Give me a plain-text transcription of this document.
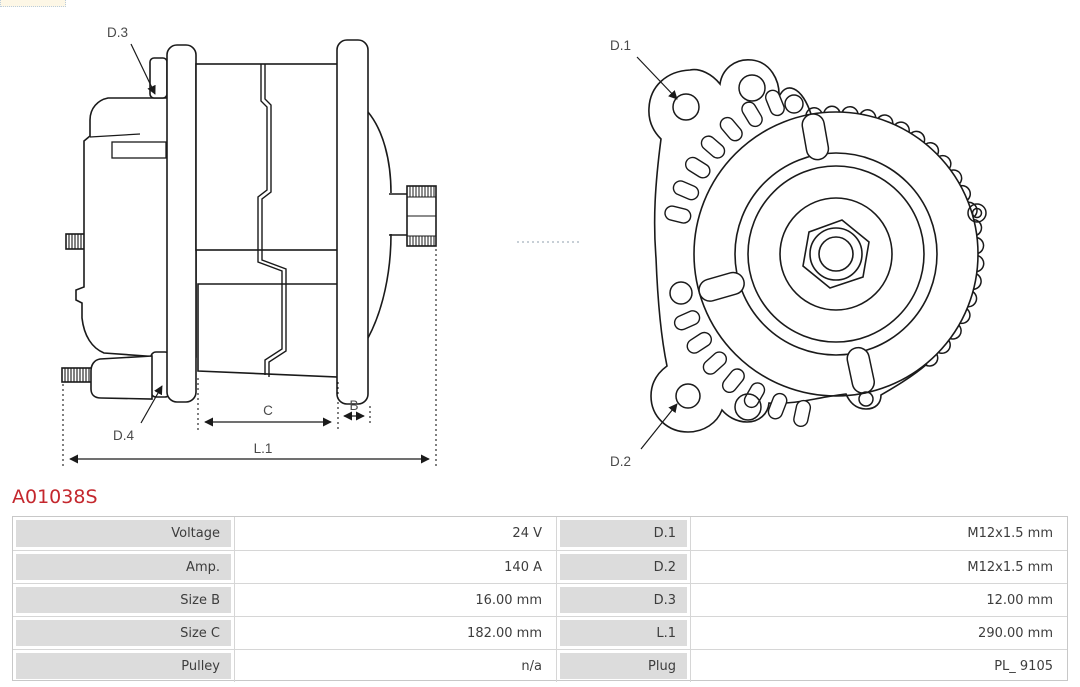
D.3
D.4
C	B
L.1
D.1
D.2
A01038S
Voltage	24 V	D.1	M12x1.5 mm
Amp.	140 A	D.2	M12x1.5 mm
Size B	16.00 mm	D.3	12.00 mm
Size C	182.00 mm	L.1	290.00 mm
Pulley	n/a	Plug	PL_ 9105
